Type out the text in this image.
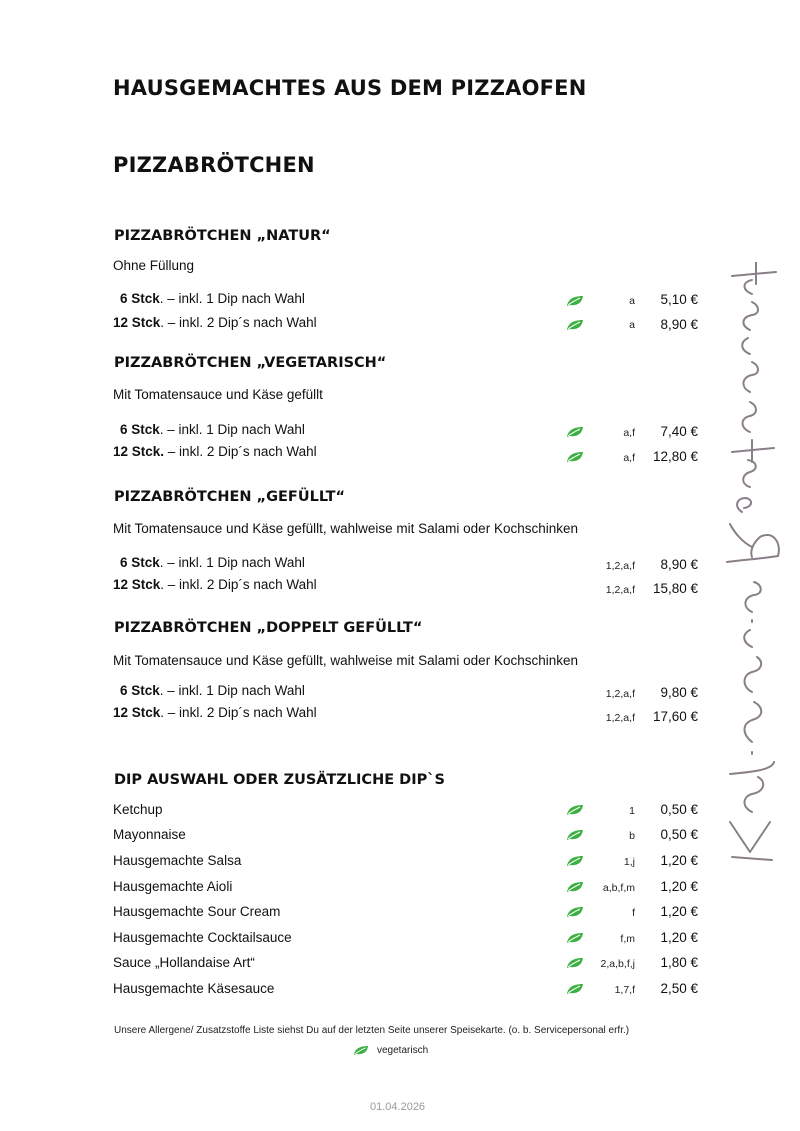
HAUSGEMACHTES AUS DEM PIZZAOFEN
PIZZABRÖTCHEN
PIZZABRÖTCHEN „NATUR“
Ohne Füllung
6 Stck. – inkl. 1 Dip nach Wahl	a	5,10 €
12 Stck. – inkl. 2 Dip´s nach Wahl	a	8,90 €
PIZZABRÖTCHEN „VEGETARISCH“
Mit Tomatensauce und Käse gefüllt
6 Stck. – inkl. 1 Dip nach Wahl	a,f	7,40 €
12 Stck. – inkl. 2 Dip´s nach Wahl	a,f	12,80 €
PIZZABRÖTCHEN „GEFÜLLT“
Mit Tomatensauce und Käse gefüllt, wahlweise mit Salami oder Kochschinken
6 Stck. – inkl. 1 Dip nach Wahl	1,2,a,f	8,90 €
12 Stck. – inkl. 2 Dip´s nach Wahl	1,2,a,f	15,80 €
PIZZABRÖTCHEN „DOPPELT GEFÜLLT“
Mit Tomatensauce und Käse gefüllt, wahlweise mit Salami oder Kochschinken
6 Stck. – inkl. 1 Dip nach Wahl	1,2,a,f	9,80 €
12 Stck. – inkl. 2 Dip´s nach Wahl	1,2,a,f	17,60 €
DIP AUSWAHL ODER ZUSÄTZLICHE DIP`S
Ketchup	1	0,50 €
Mayonnaise	b	0,50 €
Hausgemachte Salsa	1,j	1,20 €
Hausgemachte Aioli	a,b,f,m	1,20 €
Hausgemachte Sour Cream	f	1,20 €
Hausgemachte Cocktailsauce	f,m	1,20 €
Sauce „Hollandaise Art“	2,a,b,f,j	1,80 €
Hausgemachte Käsesauce	1,7,f	2,50 €
Unsere Allergene/ Zusatzstoffe Liste siehst Du auf der letzten Seite unserer Speisekarte. (o. b. Servicepersonal erfr.)
vegetarisch
01.04.2026
